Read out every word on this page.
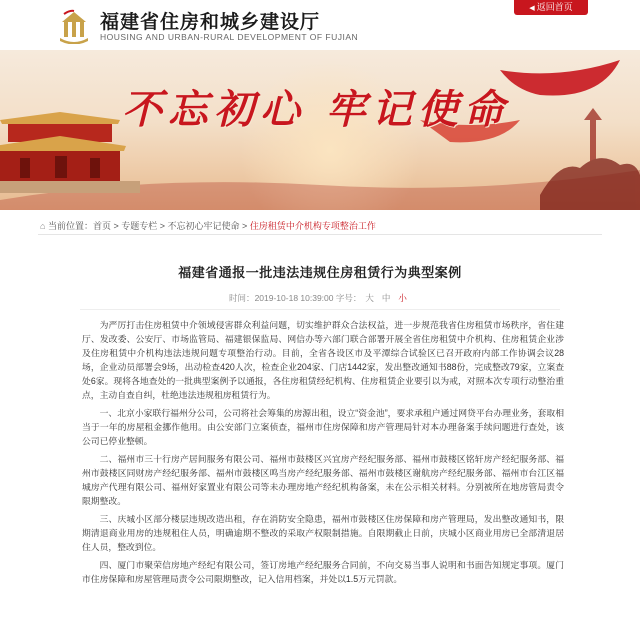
福建省住房和城乡建设厅
HOUSING AND URBAN-RURAL DEVELOPMENT OF FUJIAN
◀ 返回首页
不忘初心 牢记使命
⌂ 当前位置：首页 > 专题专栏 > 不忘初心牢记使命 > 住房租赁中介机构专项整治工作
福建省通报一批违法违规住房租赁行为典型案例
时间：2019-10-18 10:39:00 字号： 大 中 小

为严厉打击住房租赁中介领域侵害群众利益问题，切实维护群众合法权益，进一步规范我省住房租赁市场秩序，省住建厅、发改委、公安厅、市场监管局、福建银保监局、网信办等六部门联合部署开展全省住房租赁中介机构、住房租赁企业涉及住房租赁中介机构违法违规问题专项整治行动。目前，全省各设区市及平潭综合试验区已召开政府内部工作协调会议28场，企业动员部署会9场，出动检查420人次，检查企业204家、门店1442家，发出整改通知书88份，完成整改79家，立案查处6家。现将各地查处的一批典型案例予以通报，各住房租赁经纪机构、住房租赁企业要引以为戒，对照本次专项行动整治重点，主动自查自纠，杜绝违法违规租房租赁行为。

一、北京小家联行福州分公司，公司将社会筹集的房源出租，设立“资金池”，要求承租户通过网贷平台办理业务，套取相当于一年的房屋租金挪作他用。由公安部门立案侦查，福州市住房保障和房产管理局针对本办理备案手续问题进行查处，该公司已停业整顿。

二、福州市三十行房产居间服务有限公司、福州市鼓楼区兴宜房产经纪服务部、福州市鼓楼区铭轩房产经纪服务部、福州市鼓楼区同财房产经纪服务部、福州市鼓楼区鸣当房产经纪服务部、福州市鼓楼区谢航房产经纪服务部、福州市台江区福城房产代理有限公司、福州好家置业有限公司等未办理房地产经纪机构备案，未在公示相关材料。分别被所在地房管局责令限期整改。

三、庆城小区部分楼层违规改造出租，存在消防安全隐患，福州市鼓楼区住房保障和房产管理局，发出整改通知书，限期清退商业用房的违规租住人员，明确逾期不整改的采取产权限制措施。自限期截止日前，庆城小区商业用房已全部清退居住人员，整改到位。

四、厦门市聚荣信房地产经纪有限公司，签订房地产经纪服务合同前，不向交易当事人说明和书面告知规定事项。厦门市住房保障和房屋管理局责令公司限期整改，记入信用档案，并处以1.5万元罚款。
